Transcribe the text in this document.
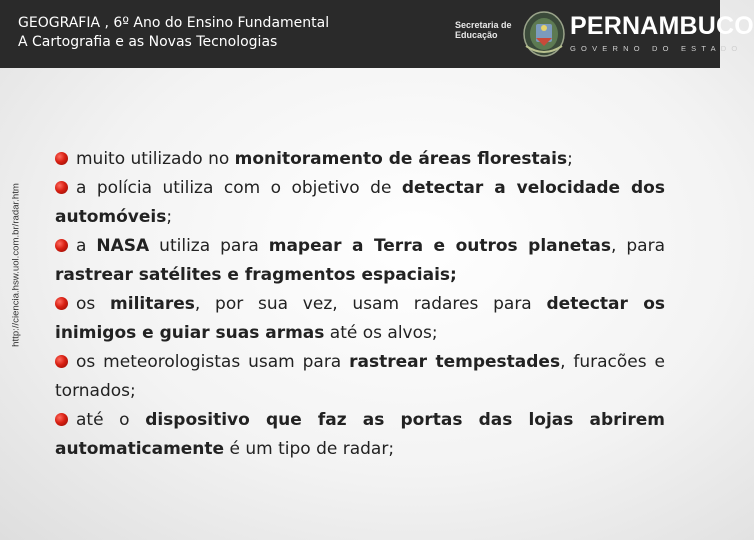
GEOGRAFIA , 6º Ano do Ensino Fundamental
A Cartografia e as Novas Tecnologias
Secretaria de
Educação	PERNAMBUCO
GOVERNO DO ESTADO
http://ciencia.hsw.uol.com.br/radar.htm
muito utilizado no monitoramento de áreas florestais;
a polícia utiliza com o objetivo de detectar a velocidade dos automóveis;
a NASA utiliza para mapear a Terra e outros planetas, para rastrear satélites e fragmentos espaciais;
os militares, por sua vez, usam radares para detectar os inimigos e guiar suas armas até os alvos;
os meteorologistas usam para rastrear tempestades, furacões e tornados;
até o dispositivo que faz as portas das lojas abrirem automaticamente é um tipo de radar;
